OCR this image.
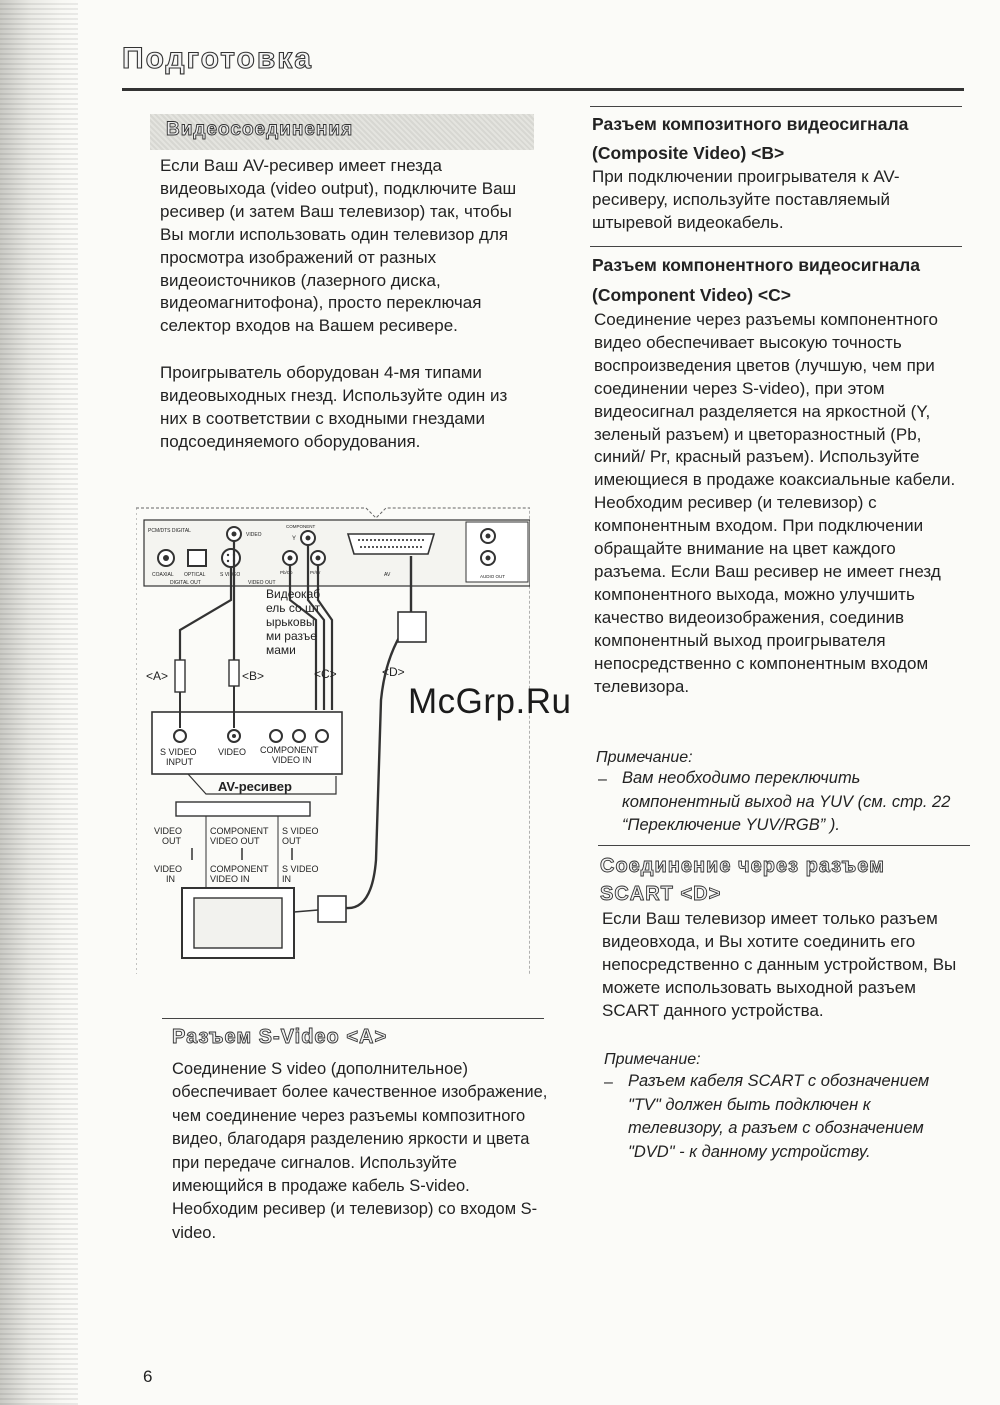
Подготовка
Видеосоединения

Если Ваш AV-ресивер имеет гнезда видеовыхода (video output), подключите Ваш ресивер (и затем Ваш телевизор) так, чтобы Вы могли использовать один телевизор для просмотра изображений от разных видеоисточников (лазерного диска, видеомагнитофона), просто переключая селектор входов на Вашем ресивере.

Проигрыватель оборудован 4-мя типами видеовыходных гнезд. Используйте один из них в соответствии с входными гнездами подсоединяемого оборудования.

PCM/DTS DIGITAL
COAXIAL OPTICAL
DIGITAL OUT
S VIDEO
VIDEO
VIDEO OUT
COMPONENT
Y
Pb/Cb	Pr/Cr	AV	AUDIO OUT
Видеокаб
ель со шт
ырьковы
ми разъе
мами
<A>	<B>	<C>	<D>
S VIDEO
INPUT
VIDEO COMPONENT
VIDEO IN
AV-ресивер
VIDEO
OUT
COMPONENT
VIDEO OUT
S VIDEO
OUT
VIDEO
IN
COMPONENT
VIDEO IN
S VIDEO
IN
Разъем S-Video <A>

Соединение S video (дополнительное) обеспечивает более качественное изображение, чем соединение через разъемы композитного видео, благодаря разделению яркости и цвета при передаче сигналов. Используйте имеющийся в продаже кабель S-video. Необходим ресивер (и телевизор) со входом S-video.

6

Разъем композитного видеосигнала
(Composite Video) <B>

При подключении проигрывателя к AV-ресиверу, используйте поставляемый штыревой видеокабель.

Разъем компонентного видеосигнала
(Component Video) <C>

Соединение через разъемы компонентного видео обеспечивает высокую точность воспроизведения цветов (лучшую, чем при соединении через S-video), при этом видеосигнал разделяется на яркостной (Y, зеленый разъем) и цветоразностный (Pb, синий/ Pr, красный разъем). Используйте имеющиеся в продаже коаксиальные кабели. Необходим ресивер (и телевизор) с компонентным входом. При подключении обращайте внимание на цвет каждого разъема. Если Ваш ресивер не имеет гнезд компонентного выхода, можно улучшить качество видеоизображения, соединив компонентный выход проигрывателя непосредственно с компонентным входом телевизора.

Примечание:

– Вам необходимо переключить компонентный выход на YUV (см. стр. 22 “Переключение YUV/RGB” ).

Соединение через разъем
SCART <D>

Если Ваш телевизор имеет только разъем видеовхода, и Вы хотите соединить его непосредственно с данным устройством, Вы можете использовать выходной разъем SCART данного устройства.

Примечание:

– Разъем кабеля SCART с обозначением "TV" должен быть подключен к телевизору, а разъем с обозначением "DVD" - к данному устройству.

McGrp.Ru
